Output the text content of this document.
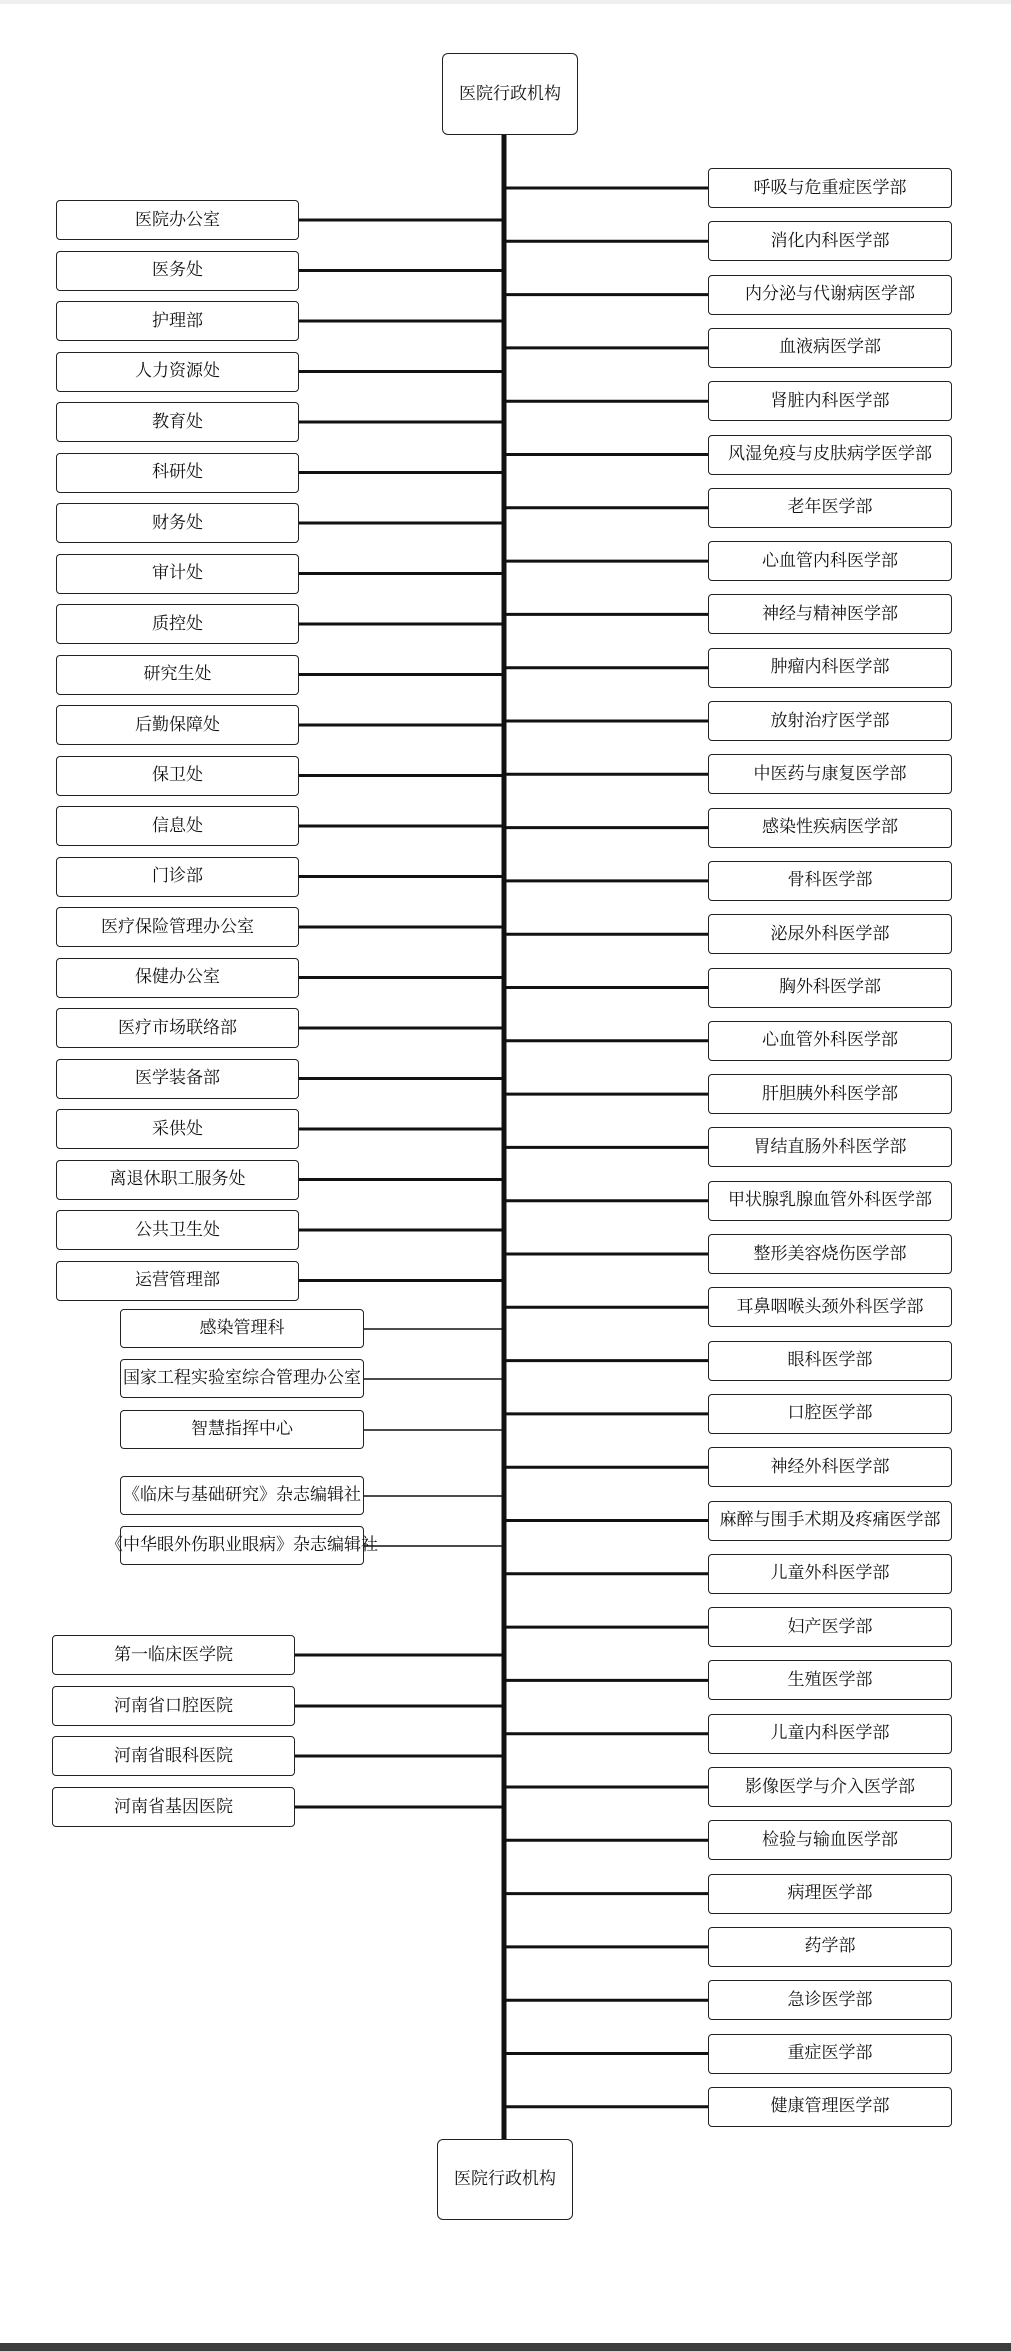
医院行政机构
医院办公室
医务处
护理部
人力资源处
教育处
科研处
财务处
审计处
质控处
研究生处
后勤保障处
保卫处
信息处
门诊部
医疗保险管理办公室
保健办公室
医疗市场联络部
医学装备部
采供处
离退休职工服务处
公共卫生处
运营管理部
感染管理科
国家工程实验室综合管理办公室
智慧指挥中心
《临床与基础研究》杂志编辑社
《中华眼外伤职业眼病》杂志编辑社
第一临床医学院
河南省口腔医院
河南省眼科医院
河南省基因医院
呼吸与危重症医学部
消化内科医学部
内分泌与代谢病医学部
血液病医学部
肾脏内科医学部
风湿免疫与皮肤病学医学部
老年医学部
心血管内科医学部
神经与精神医学部
肿瘤内科医学部
放射治疗医学部
中医药与康复医学部
感染性疾病医学部
骨科医学部
泌尿外科医学部
胸外科医学部
心血管外科医学部
肝胆胰外科医学部
胃结直肠外科医学部
甲状腺乳腺血管外科医学部
整形美容烧伤医学部
耳鼻咽喉头颈外科医学部
眼科医学部
口腔医学部
神经外科医学部
麻醉与围手术期及疼痛医学部
儿童外科医学部
妇产医学部
生殖医学部
儿童内科医学部
影像医学与介入医学部
检验与输血医学部
病理医学部
药学部
急诊医学部
重症医学部
健康管理医学部
医院行政机构
